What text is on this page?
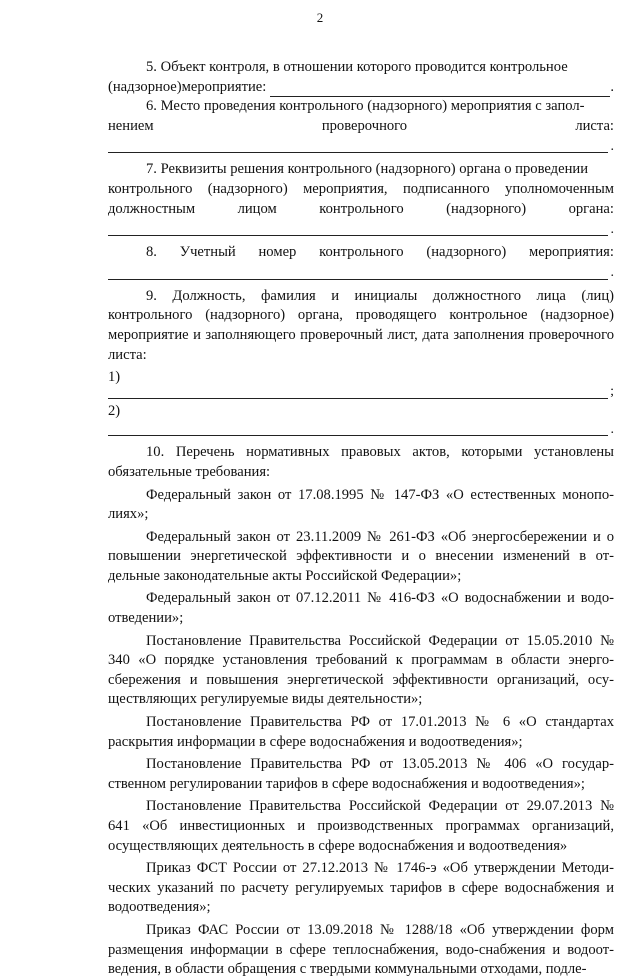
2

5. Объект контроля, в отношении которого проводится контрольное

(надзорное)мероприятие:	.

6. Место проведения контрольного (надзорного) мероприятия с запол-

нением	проверочного	листа:
.

7. Реквизиты решения контрольного (надзорного) органа о проведении

контрольного (надзорного) мероприятия, подписанного уполномоченным

должностным	лицом	контрольного	(надзорного)	органа:
.
8. Учетный номер контрольного (надзорного) мероприятия:
.

9. Должность, фамилия и инициалы должностного лица (лиц) контрольного (надзорного) органа, проводящего контрольное (надзорное) мероприятие и заполняющего проверочный лист, дата заполнения проверочного листа:

1)
;
2)
.

10. Перечень нормативных правовых актов, которыми установлены обязательные требования:

Федеральный закон от 17.08.1995 № 147-ФЗ «О естественных монополиях»;

Федеральный закон от 23.11.2009 № 261-ФЗ «Об энергосбережении и о повышении энергетической эффективности и о внесении изменений в отдельные законодательные акты Российской Федерации»;

Федеральный закон от 07.12.2011 № 416-ФЗ «О водоснабжении и водоотведении»;

Постановление Правительства Российской Федерации от 15.05.2010 № 340 «О порядке установления требований к программам в области энергосбережения и повышения энергетической эффективности организаций, осуществляющих регулируемые виды деятельности»;

Постановление Правительства РФ от 17.01.2013 № 6 «О стандартах раскрытия информации в сфере водоснабжения и водоотведения»;

Постановление Правительства РФ от 13.05.2013 № 406 «О государственном регулировании тарифов в сфере водоснабжения и водоотведения»;

Постановление Правительства Российской Федерации от 29.07.2013 № 641 «Об инвестиционных и производственных программах организаций, осуществляющих деятельность в сфере водоснабжения и водоотведения»

Приказ ФСТ России от 27.12.2013 № 1746-э «Об утверждении Методических указаний по расчету регулируемых тарифов в сфере водоснабжения и водоотведения»;

Приказ ФАС России от 13.09.2018 № 1288/18 «Об утверждении форм размещения информации в сфере теплоснабжения, водо-снабжения и водоотведения, в области обращения с твердыми коммунальными отходами, подле-
